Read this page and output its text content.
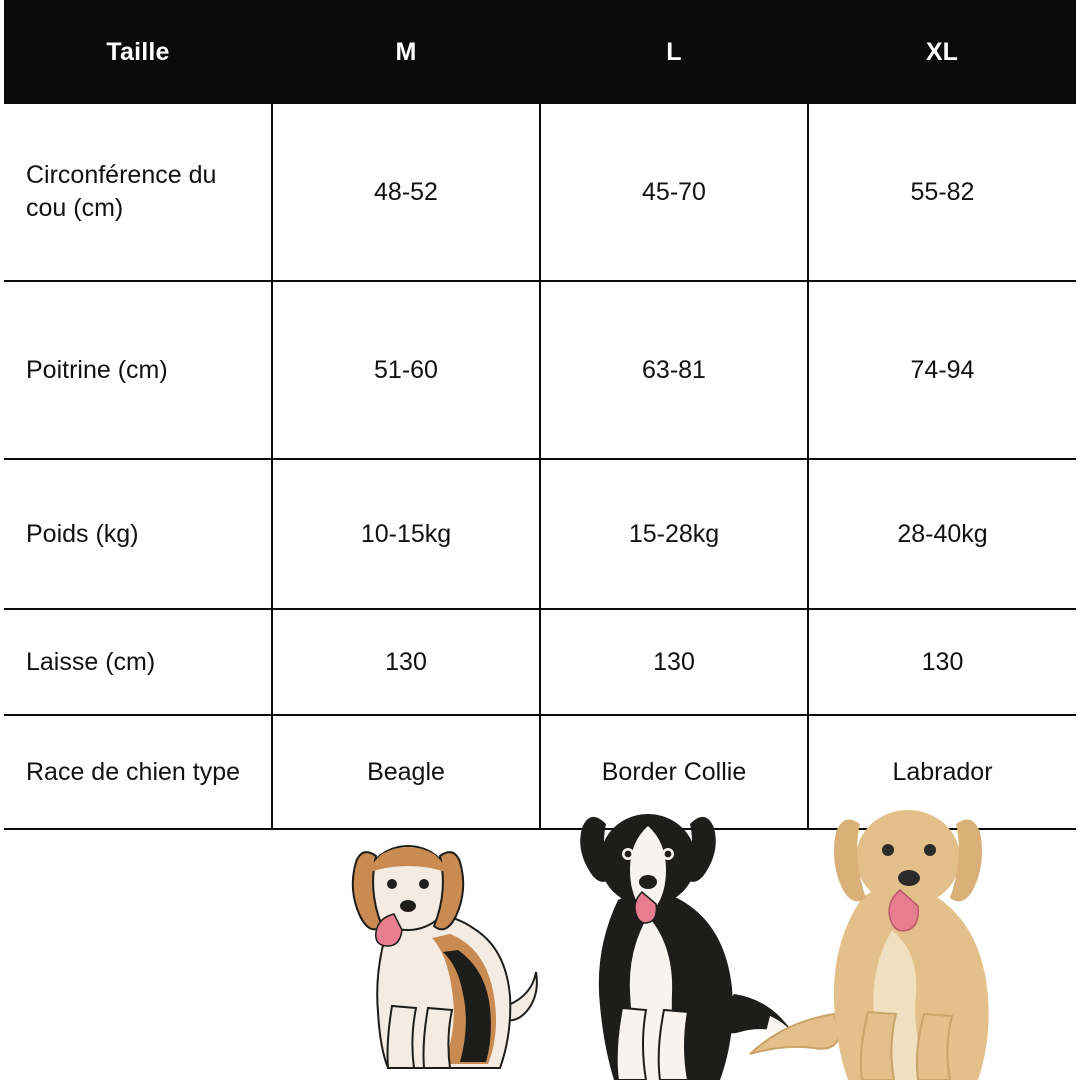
Taille	M	L	XL
Circonférence du cou (cm)	48-52	45-70	55-82
Poitrine (cm)	51-60	63-81	74-94
Poids (kg)	10-15kg	15-28kg	28-40kg
Laisse (cm)	130	130	130
Race de chien type	Beagle	Border Collie	Labrador
